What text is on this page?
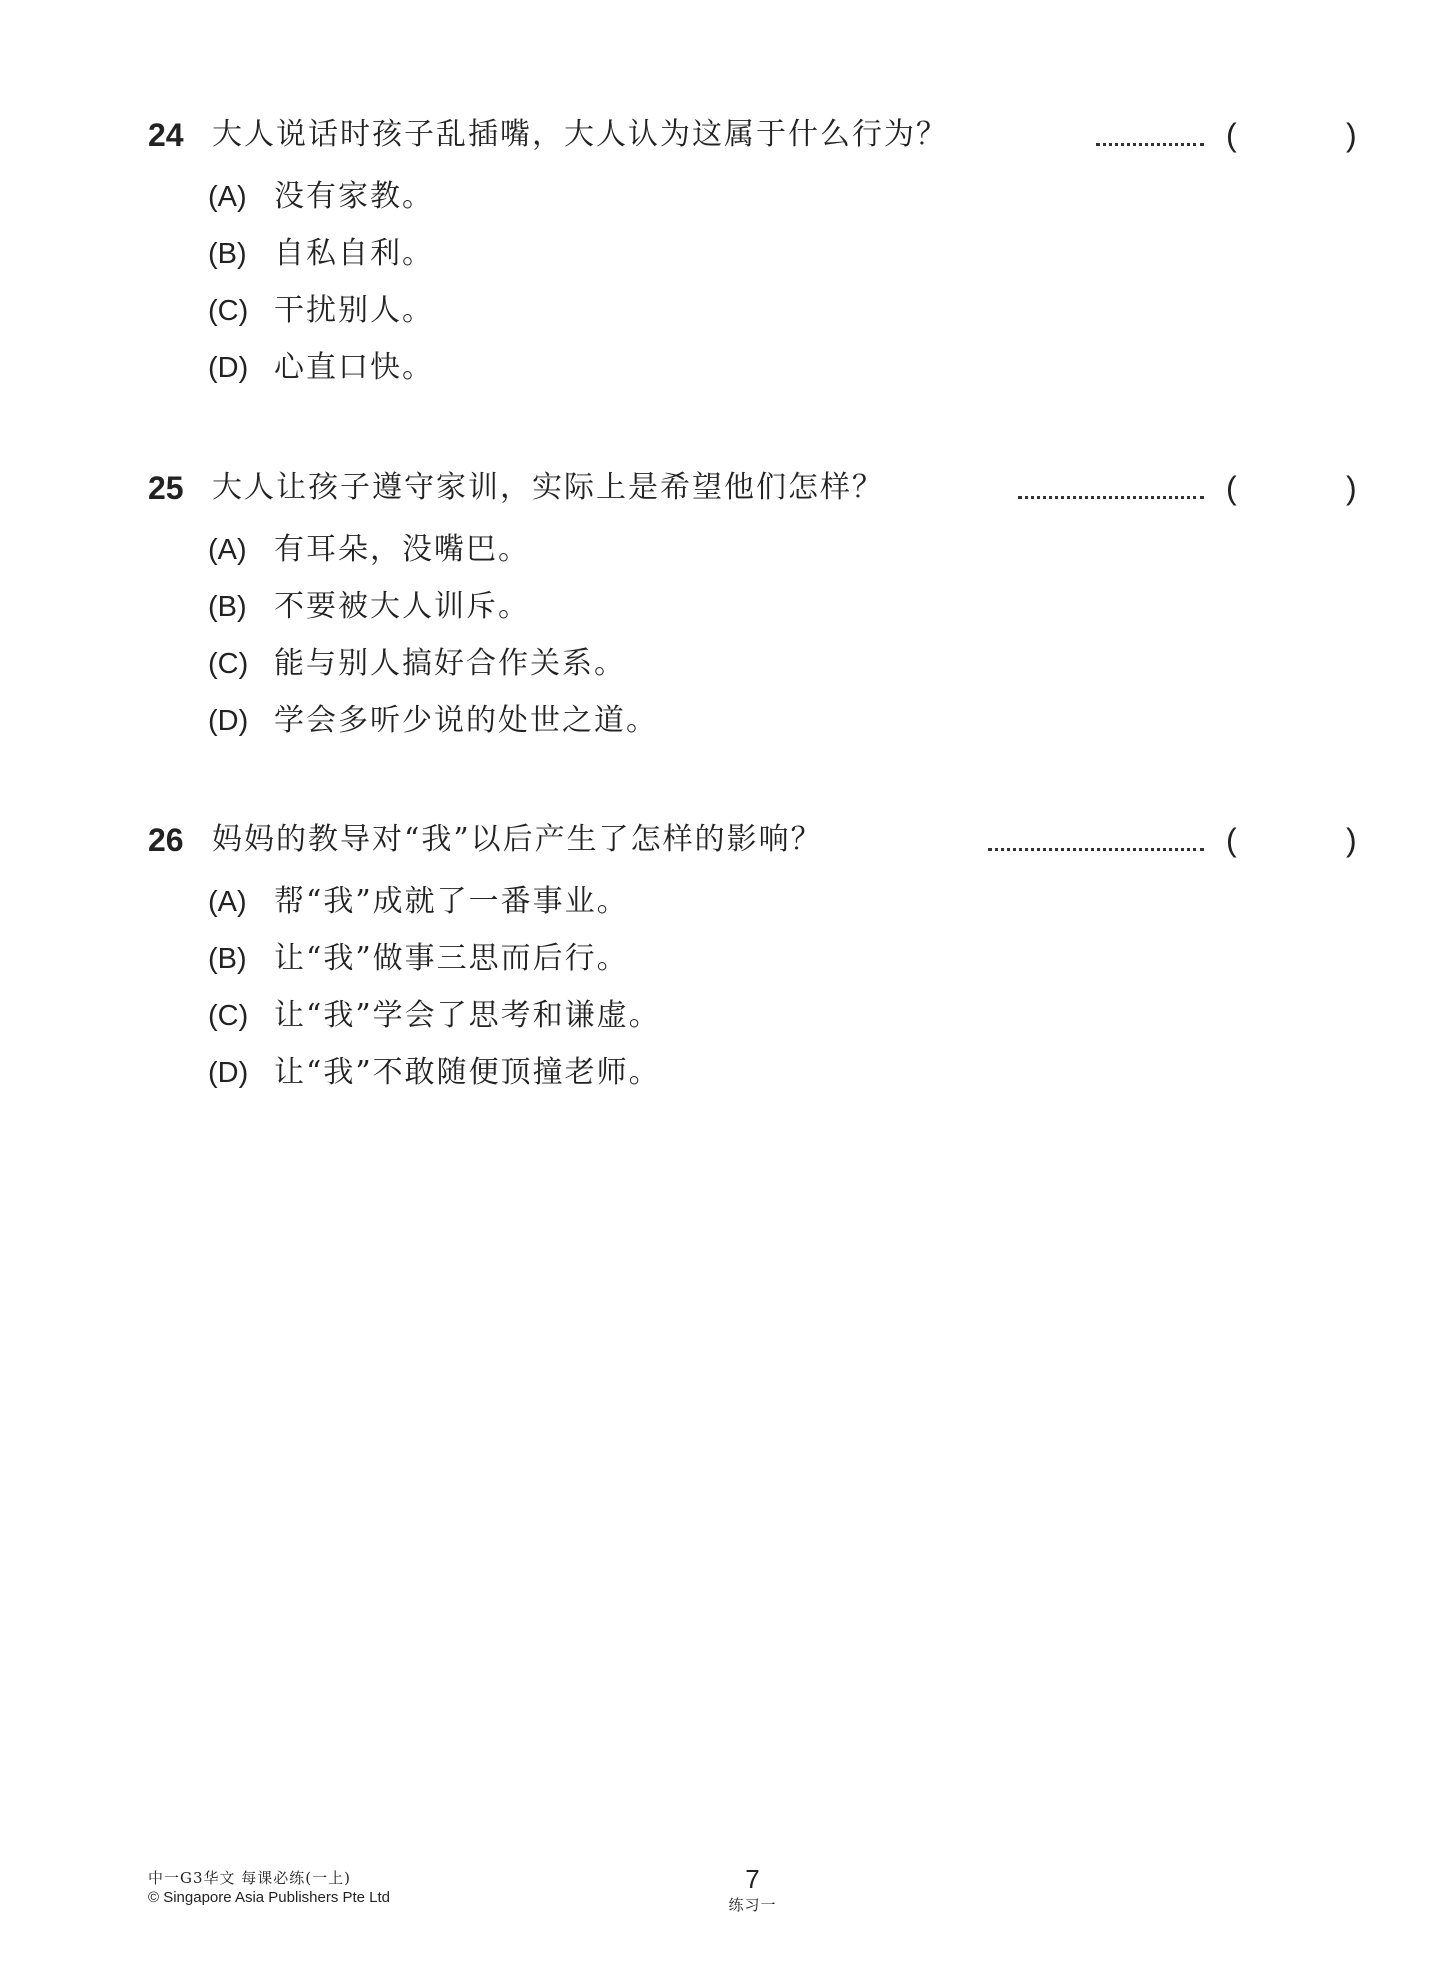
24 大人说话时孩子乱插嘴，大人认为这属于什么行为？	(	)
(A) 没有家教。
(B) 自私自利。
(C) 干扰别人。
(D) 心直口快。
25 大人让孩子遵守家训，实际上是希望他们怎样？	(	)
(A) 有耳朵，没嘴巴。
(B) 不要被大人训斥。
(C) 能与别人搞好合作关系。
(D) 学会多听少说的处世之道。
26 妈妈的教导对“我”以后产生了怎样的影响？	(	)
(A) 帮“我”成就了一番事业。
(B) 让“我”做事三思而后行。
(C) 让“我”学会了思考和谦虚。
(D) 让“我”不敢随便顶撞老师。
中一G3华文 每课必练(一上)
© Singapore Asia Publishers Pte Ltd
7
练习一
